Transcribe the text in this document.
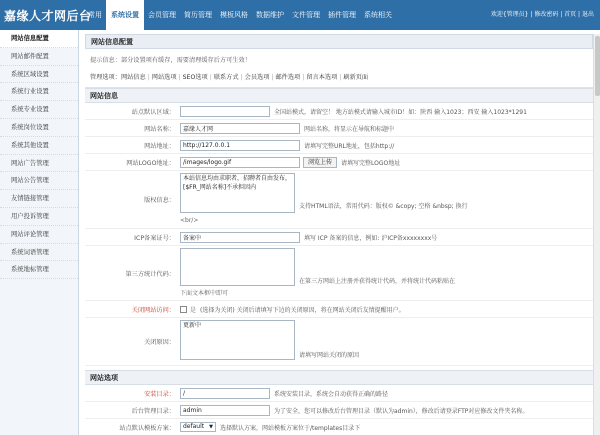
嘉缘人才网后台
常用	系统设置	会员管理	简历管理	模板风格	数据维护	文件管理	插件管理	系统相关	欢迎{管理员} | 修改密码 | 首页 | 退出
网站信息配置
网站邮件配置
系统区域设置
系统行业设置
系统专业设置
系统岗位设置
系统其他设置
网站广告管理
网站公告管理
友情链接管理
用户投诉管理
网站评论管理
系统词语管理
系统地标管理
网站信息配置
提示信息：部分设置项有缓存，需要清理缓存后方可生效！
管理选项：网站信息 | 网站选项 | SEO选项 | 联系方式 | 会员选项 | 邮件选项 | 留言本选项 | 刷新页面
网站信息
站点默认区域：	全国站模式，请留空！ 地方站模式请输入城市ID！如：陕西 输入1023；西安 输入1023*1291
网站名称：
嘉缘人才网	网站名称，将显示在导航和标题中
网站地址：
http://127.0.0.1	请填写完整URL地址，包括http://
网站LOGO地址：
/images/logo.gif	浏览上传	请填写完整LOGO地址
版权信息：
本站信息均由求职者，招聘者自由发布，[$FR_网站名称]不承担因内
支持HTML语法，常用代码：版权© &copy; 空格 &nbsp; 换行
<br/>
ICP备案证号：
备案中	填写 ICP 备案的信息，例如: 沪ICP备xxxxxxxx号
第三方统计代码：
在第三方网站上注册并获得统计代码，并将统计代码粘贴在
下面文本框中即可
关闭网站访问：	是 (选择为关闭) 关闭后请填写下边的关闭原因，将在网站关闭后友情提醒用户。
关闭原因：
更新中
请填写网站关闭的原因
网站选项
安装目录：
/	系统安装目录，系统会自动获得正确的路径
后台管理目录：
admin	为了安全，您可以修改后台管理目录（默认为admin），修改后请登录FTP对应修改文件夹名称。
站点默认模板方案：	default ▼ 选择默认方案，网站模板方案位于/templates目录下
